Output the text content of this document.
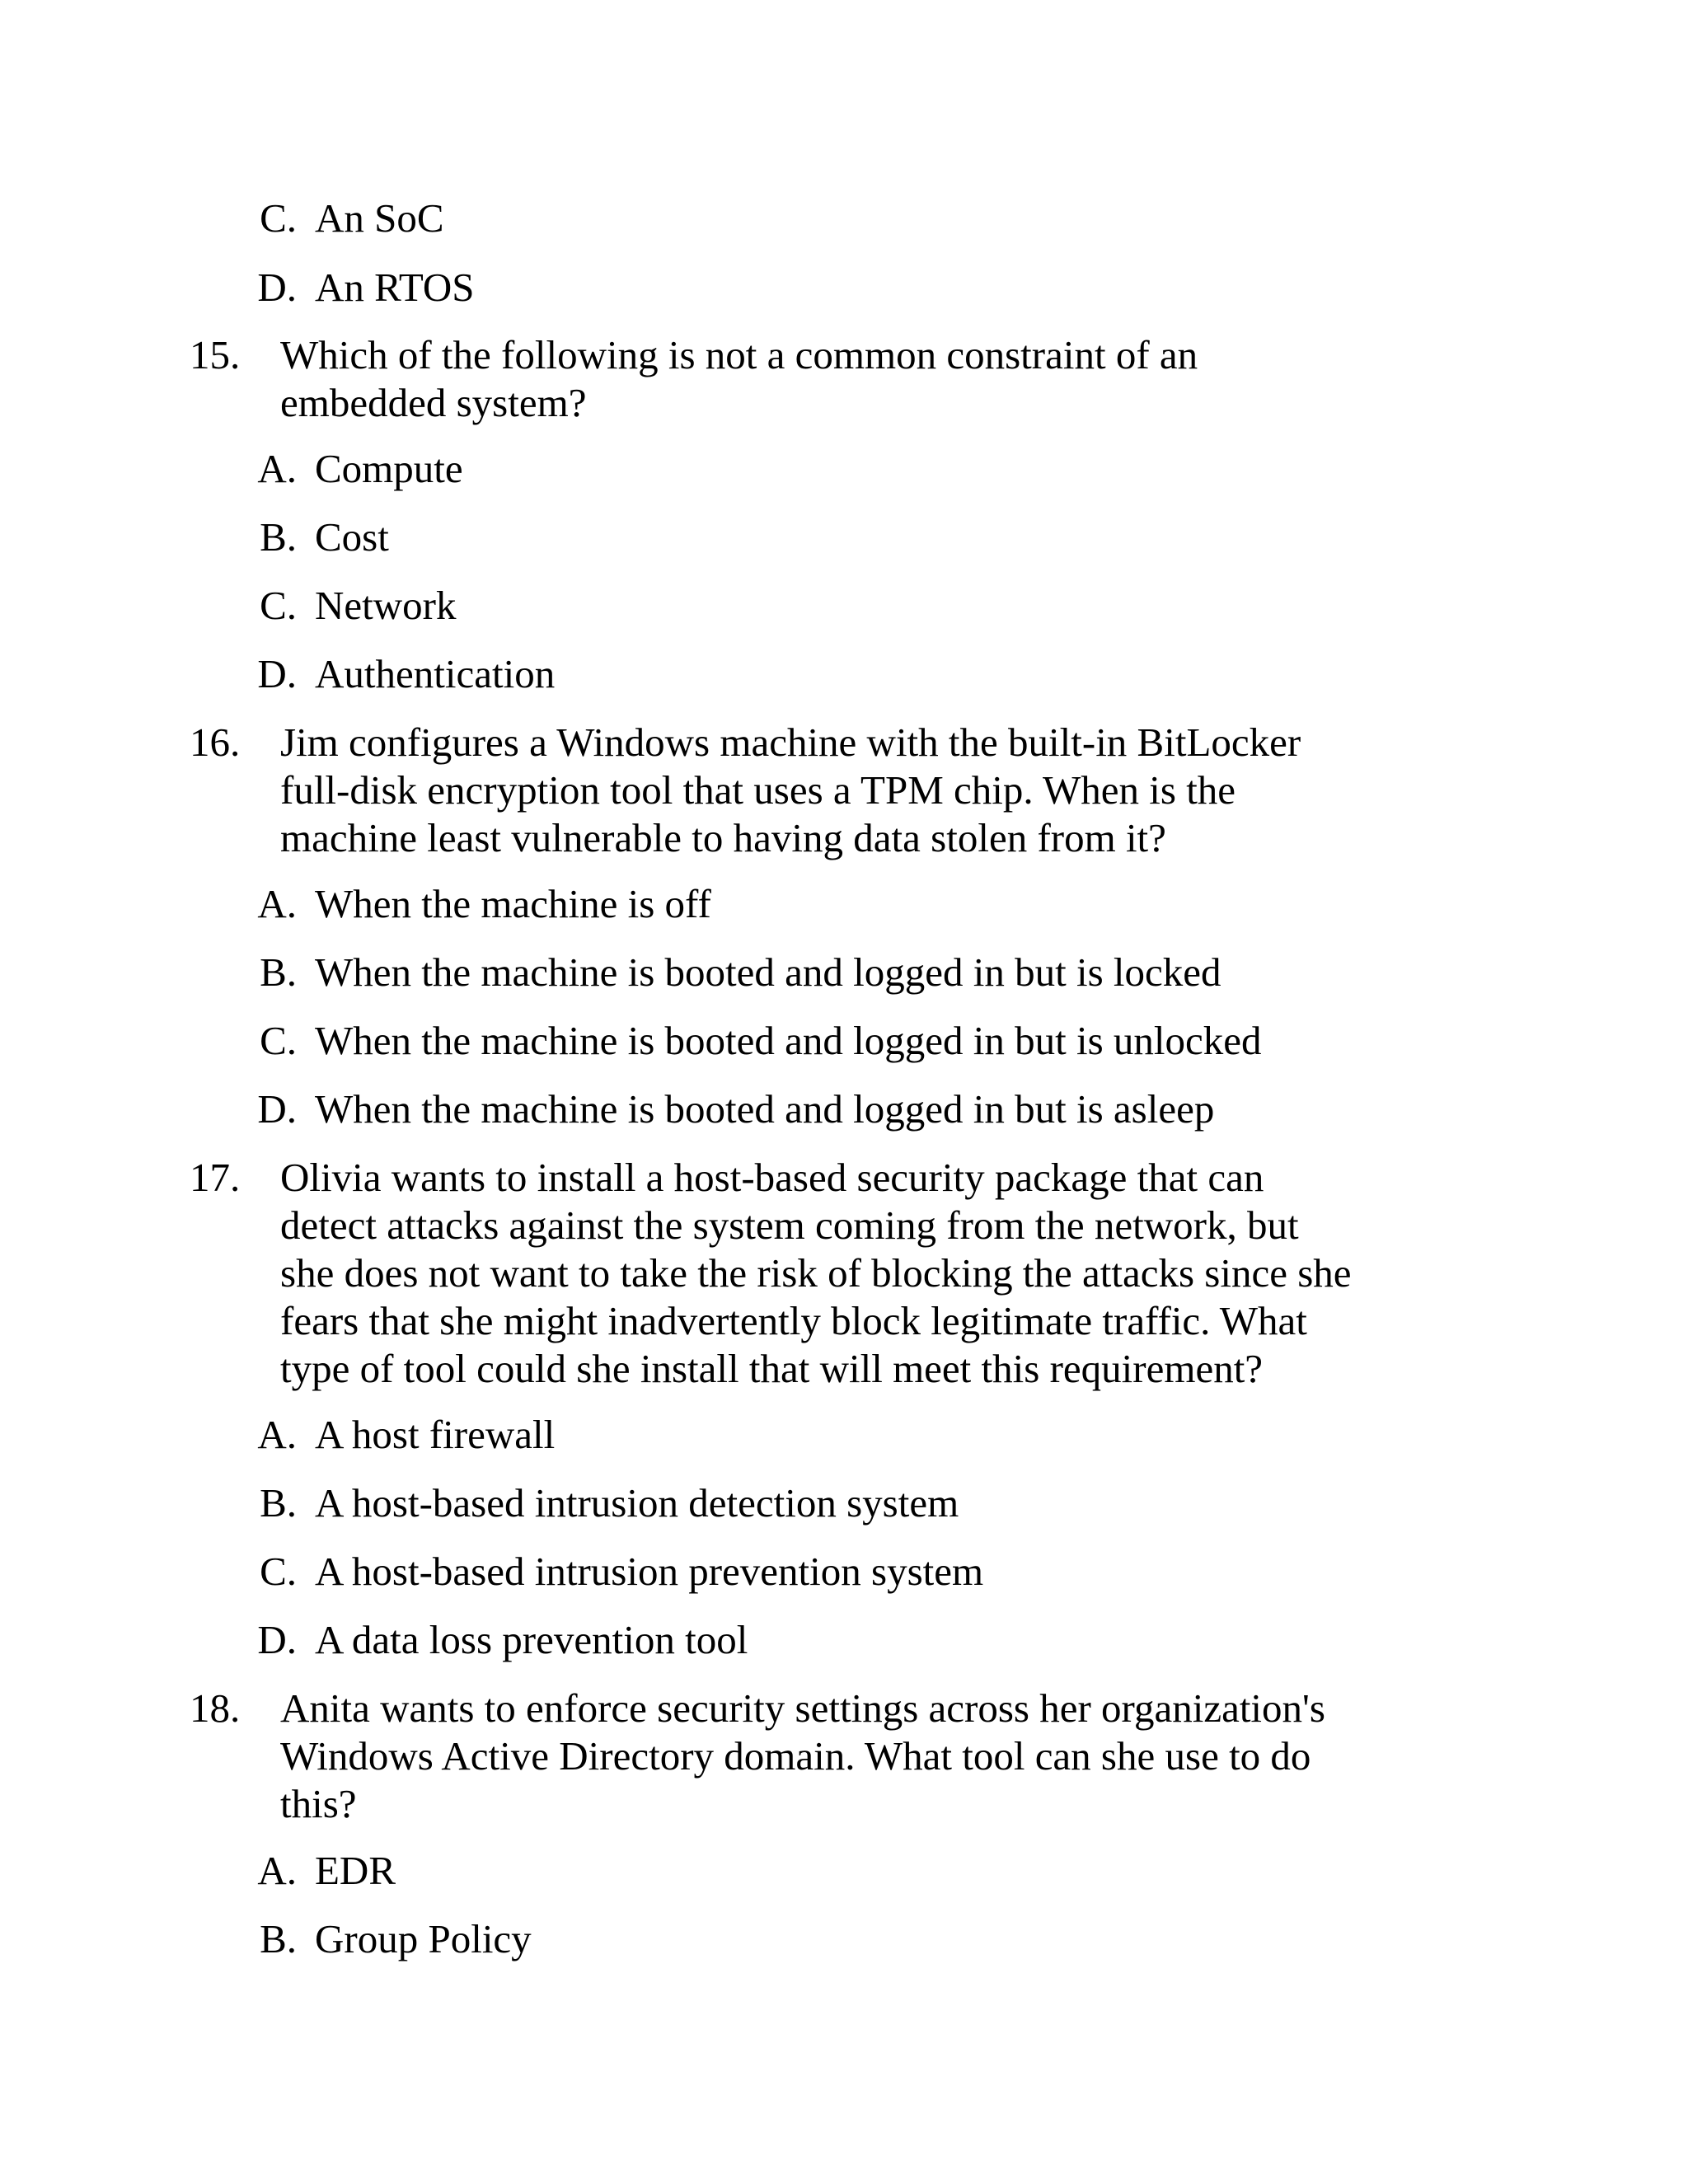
C. An SoC
D. An RTOS
15. Which of the following is not a common constraint of an
embedded system?
A. Compute
B. Cost
C. Network
D. Authentication
16. Jim configures a Windows machine with the built-in BitLocker
full-disk encryption tool that uses a TPM chip. When is the
machine least vulnerable to having data stolen from it?
A. When the machine is off
B. When the machine is booted and logged in but is locked
C. When the machine is booted and logged in but is unlocked
D. When the machine is booted and logged in but is asleep
17. Olivia wants to install a host-based security package that can
detect attacks against the system coming from the network, but
she does not want to take the risk of blocking the attacks since she
fears that she might inadvertently block legitimate traffic. What
type of tool could she install that will meet this requirement?
A. A host firewall
B. A host-based intrusion detection system
C. A host-based intrusion prevention system
D. A data loss prevention tool
18. Anita wants to enforce security settings across her organization's
Windows Active Directory domain. What tool can she use to do
this?
A. EDR
B. Group Policy
